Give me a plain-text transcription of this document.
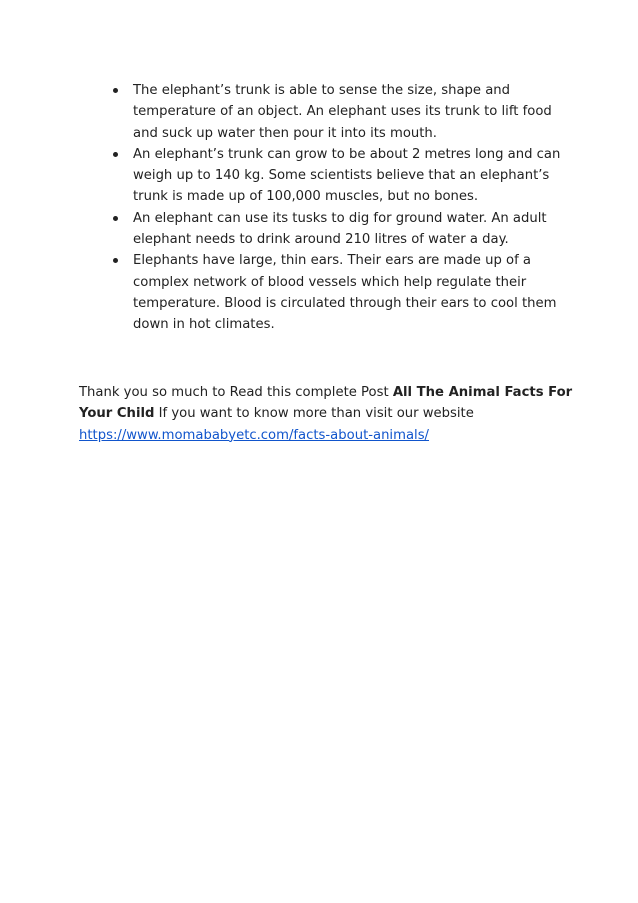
The elephant’s trunk is able to sense the size, shape and temperature of an object. An elephant uses its trunk to lift food and suck up water then pour it into its mouth.
An elephant’s trunk can grow to be about 2 metres long and can weigh up to 140 kg. Some scientists believe that an elephant’s trunk is made up of 100,000 muscles, but no bones.
An elephant can use its tusks to dig for ground water. An adult elephant needs to drink around 210 litres of water a day.
Elephants have large, thin ears. Their ears are made up of a complex network of blood vessels which help regulate their temperature. Blood is circulated through their ears to cool them down in hot climates.

Thank you so much to Read this complete Post All The Animal Facts For Your Child If you want to know more than visit our website
https://www.momababyetc.com/facts-about-animals/
